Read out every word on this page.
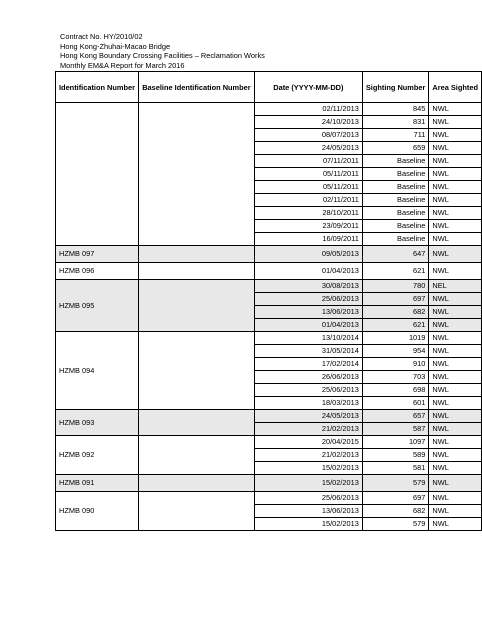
Contract No. HY/2010/02
Hong Kong-Zhuhai-Macao Bridge
Hong Kong Boundary Crossing Facilities – Reclamation Works
Monthly EM&A Report for March 2016
Identification Number	Baseline Identification Number	Date (YYYY-MM-DD)	Sighting Number	Area Sighted
		02/11/2013	845	NWL
		24/10/2013	831	NWL
		08/07/2013	711	NWL
		24/05/2013	659	NWL
		07/11/2011	Baseline	NWL
		05/11/2011	Baseline	NWL
		05/11/2011	Baseline	NWL
		02/11/2011	Baseline	NWL
		28/10/2011	Baseline	NWL
		23/09/2011	Baseline	NWL
		16/09/2011	Baseline	NWL
HZMB 097		09/05/2013	647	NWL
HZMB 096		01/04/2013	621	NWL
HZMB 095		30/08/2013	780	NEL
		25/06/2013	697	NWL
		13/06/2013	682	NWL
		01/04/2013	621	NWL
HZMB 094		13/10/2014	1019	NWL
		31/05/2014	954	NWL
		17/02/2014	910	NWL
		26/06/2013	703	NWL
		25/06/2013	698	NWL
		18/03/2013	601	NWL
HZMB 093		24/05/2013	657	NWL
		21/02/2013	587	NWL
HZMB 092		20/04/2015	1097	NWL
		21/02/2013	589	NWL
		15/02/2013	581	NWL
HZMB 091		15/02/2013	579	NWL
HZMB 090		25/06/2013	697	NWL
		13/06/2013	682	NWL
		15/02/2013	579	NWL
